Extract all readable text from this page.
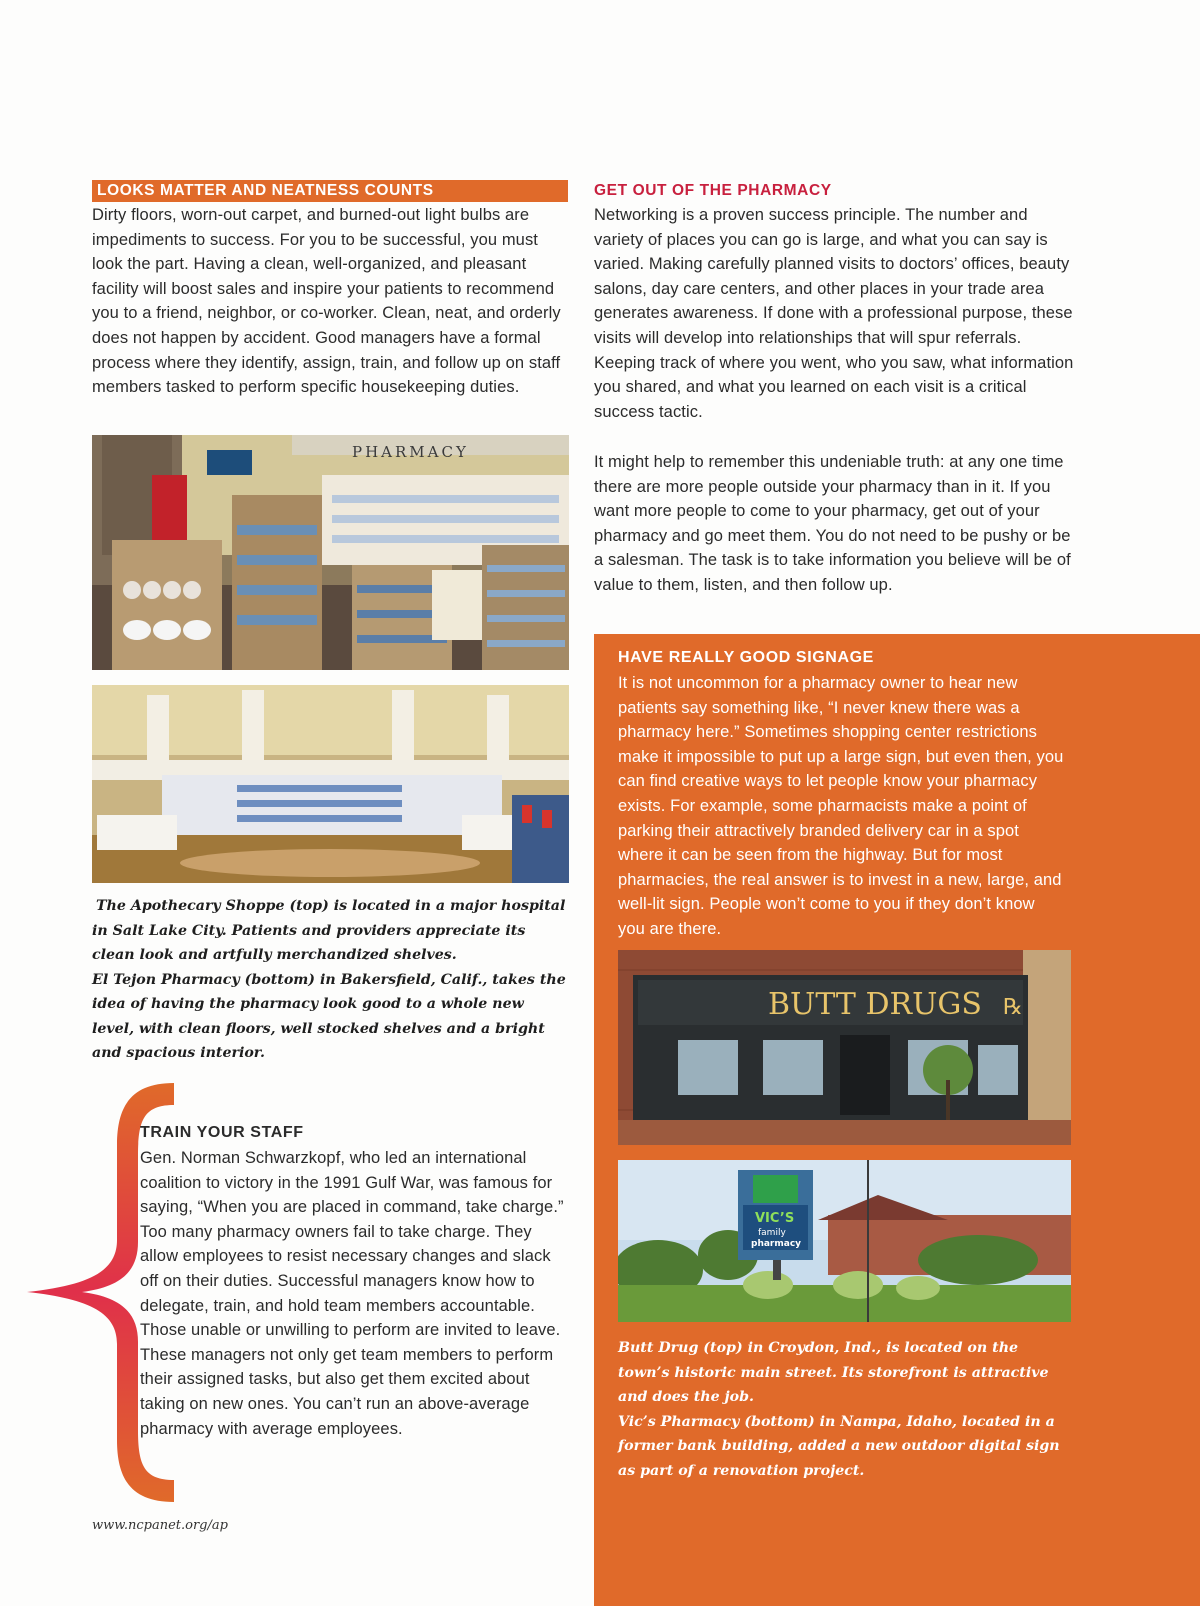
LOOKS MATTER AND NEATNESS COUNTS

Dirty floors, worn-out carpet, and burned-out light bulbs are impediments to success. For you to be successful, you must look the part. Having a clean, well-organized, and pleasant facility will boost sales and inspire your patients to recommend you to a friend, neighbor, or co-worker. Clean, neat, and orderly does not happen by accident. Good managers have a formal process where they identify, assign, train, and follow up on staff members tasked to perform specific housekeeping duties.

PHARMACY

The Apothecary Shoppe (top) is located in a major hospital in Salt Lake City. Patients and providers appreciate its clean look and artfully merchandized shelves.

El Tejon Pharmacy (bottom) in Bakersfield, Calif., takes the idea of having the pharmacy look good to a whole new level, with clean floors, well stocked shelves and a bright and spacious interior.

TRAIN YOUR STAFF

Gen. Norman Schwarzkopf, who led an international coalition to victory in the 1991 Gulf War, was famous for saying, “When you are placed in command, take charge.” Too many pharmacy owners fail to take charge. They allow employees to resist necessary changes and slack off on their duties. Successful managers know how to delegate, train, and hold team members accountable. Those unable or unwilling to perform are invited to leave. These managers not only get team members to perform their assigned tasks, but also get them excited about taking on new ones. You can’t run an above-average pharmacy with average employees.

www.ncpanet.org/ap
GET OUT OF THE PHARMACY

Networking is a proven success principle. The number and variety of places you can go is large, and what you can say is varied. Making carefully planned visits to doctors’ offices, beauty salons, day care centers, and other places in your trade area generates awareness. If done with a professional purpose, these visits will develop into relationships that will spur referrals. Keeping track of where you went, who you saw, what information you shared, and what you learned on each visit is a critical success tactic.

It might help to remember this undeniable truth: at any one time there are more people outside your pharmacy than in it. If you want more people to come to your pharmacy, get out of your pharmacy and go meet them. You do not need to be pushy or be a salesman. The task is to take information you believe will be of value to them, listen, and then follow up.

HAVE REALLY GOOD SIGNAGE

It is not uncommon for a pharmacy owner to hear new patients say something like, “I never knew there was a pharmacy here.” Sometimes shopping center restrictions make it impossible to put up a large sign, but even then, you can find creative ways to let people know your pharmacy exists. For example, some pharmacists make a point of parking their attractively branded delivery car in a spot where it can be seen from the highway. But for most pharmacies, the real answer is to invest in a new, large, and well-lit sign. People won’t come to you if they don’t know you are there.

BUTT DRUGS ℞
VIC’S
family
pharmacy

Butt Drug (top) in Croydon, Ind., is located on the town’s historic main street. Its storefront is attractive and does the job.

Vic’s Pharmacy (bottom) in Nampa, Idaho, located in a former bank building, added a new outdoor digital sign as part of a renovation project.
